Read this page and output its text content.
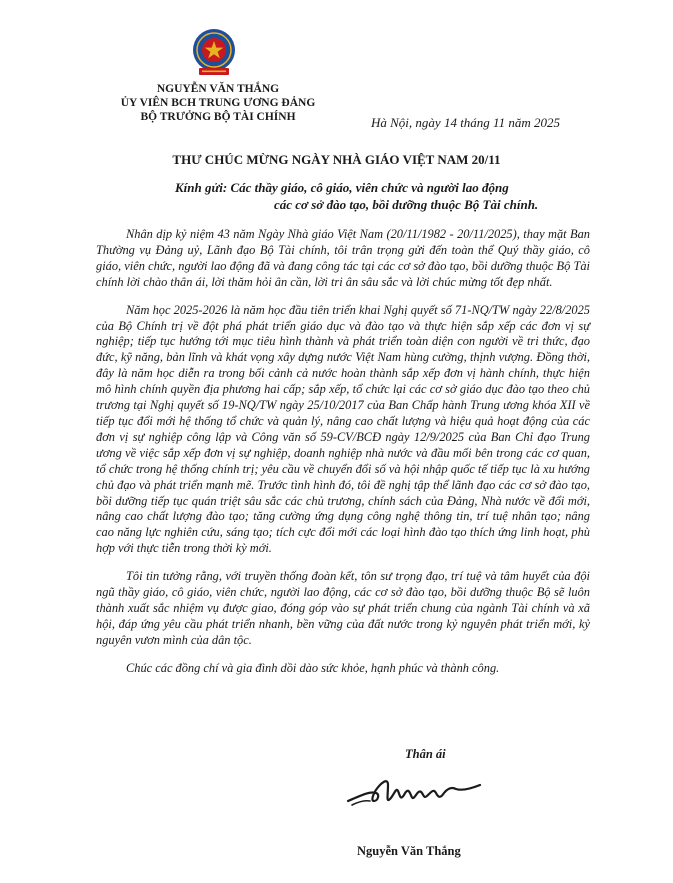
NGUYỄN VĂN THẮNG
ỦY VIÊN BCH TRUNG ƯƠNG ĐẢNG
BỘ TRƯỞNG BỘ TÀI CHÍNH	Hà Nội, ngày 14 tháng 11 năm 2025
THƯ CHÚC MỪNG NGÀY NHÀ GIÁO VIỆT NAM 20/11
Kính gửi: Các thầy giáo, cô giáo, viên chức và người lao động
các cơ sở đào tạo, bồi dưỡng thuộc Bộ Tài chính.

Nhân dịp kỷ niệm 43 năm Ngày Nhà giáo Việt Nam (20/11/1982 - 20/11/2025), thay mặt Ban Thường vụ Đảng uỷ, Lãnh đạo Bộ Tài chính, tôi trân trọng gửi đến toàn thể Quý thầy giáo, cô giáo, viên chức, người lao động đã và đang công tác tại các cơ sở đào tạo, bồi dưỡng thuộc Bộ Tài chính lời chào thân ái, lời thăm hỏi ân cần, lời tri ân sâu sắc và lời chúc mừng tốt đẹp nhất.

Năm học 2025-2026 là năm học đầu tiên triển khai Nghị quyết số 71-NQ/TW ngày 22/8/2025 của Bộ Chính trị về đột phá phát triển giáo dục và đào tạo và thực hiện sắp xếp các đơn vị sự nghiệp; tiếp tục hướng tới mục tiêu hình thành và phát triển toàn diện con người về tri thức, đạo đức, kỹ năng, bản lĩnh và khát vọng xây dựng nước Việt Nam hùng cường, thịnh vượng. Đồng thời, đây là năm học diễn ra trong bối cảnh cả nước hoàn thành sắp xếp đơn vị hành chính, thực hiện mô hình chính quyền địa phương hai cấp; sắp xếp, tổ chức lại các cơ sở giáo dục đào tạo theo chủ trương tại Nghị quyết số 19-NQ/TW ngày 25/10/2017 của Ban Chấp hành Trung ương khóa XII về tiếp tục đổi mới hệ thống tổ chức và quản lý, nâng cao chất lượng và hiệu quả hoạt động của các đơn vị sự nghiệp công lập và Công văn số 59-CV/BCĐ ngày 12/9/2025 của Ban Chỉ đạo Trung ương về việc sắp xếp đơn vị sự nghiệp, doanh nghiệp nhà nước và đầu mối bên trong các cơ quan, tổ chức trong hệ thống chính trị; yêu cầu về chuyển đổi số và hội nhập quốc tế tiếp tục là xu hướng chủ đạo và phát triển mạnh mẽ. Trước tình hình đó, tôi đề nghị tập thể lãnh đạo các cơ sở đào tạo, bồi dưỡng tiếp tục quán triệt sâu sắc các chủ trương, chính sách của Đảng, Nhà nước về đổi mới, nâng cao chất lượng đào tạo; tăng cường ứng dụng công nghệ thông tin, trí tuệ nhân tạo; nâng cao năng lực nghiên cứu, sáng tạo; tích cực đổi mới các loại hình đào tạo thích ứng linh hoạt, phù hợp với thực tiễn trong thời kỳ mới.

Tôi tin tưởng rằng, với truyền thống đoàn kết, tôn sư trọng đạo, trí tuệ và tâm huyết của đội ngũ thầy giáo, cô giáo, viên chức, người lao động, các cơ sở đào tạo, bồi dưỡng thuộc Bộ sẽ luôn thành xuất sắc nhiệm vụ được giao, đóng góp vào sự phát triển chung của ngành Tài chính và xã hội, đáp ứng yêu cầu phát triển nhanh, bền vững của đất nước trong kỷ nguyên phát triển mới, kỷ nguyên vươn mình của dân tộc.

Chúc các đồng chí và gia đình dồi dào sức khỏe, hạnh phúc và thành công.

Thân ái
Nguyễn Văn Thắng
